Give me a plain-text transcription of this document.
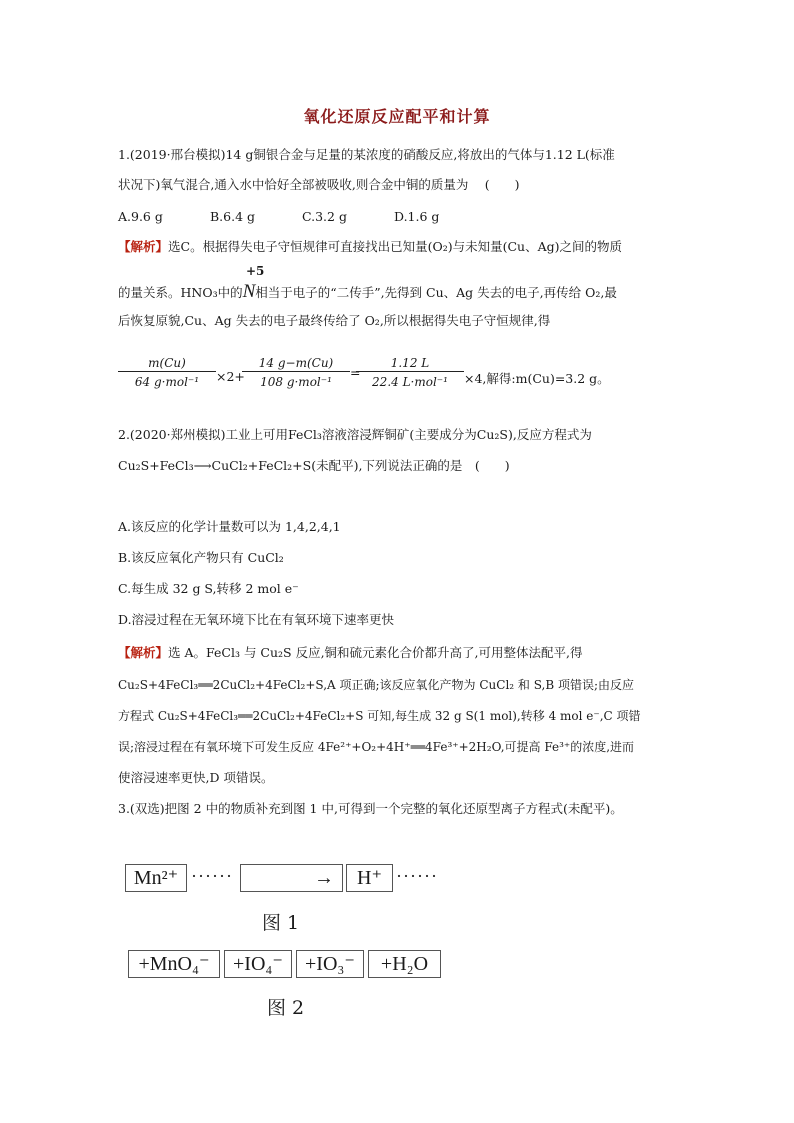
氧化还原反应配平和计算
1.(2019·邢台模拟)14 g铜银合金与足量的某浓度的硝酸反应,将放出的气体与1.12 L(标准
状况下)氧气混合,通入水中恰好全部被吸收,则合金中铜的质量为　 (　　)
A.9.6 g	B.6.4 g	C.3.2 g	D.1.6 g
【解析】选C。根据得失电子守恒规律可直接找出已知量(O₂)与未知量(Cu、Ag)之间的物质
+5
的量关系。HNO₃中的N相当于电子的“二传手”,先得到 Cu、Ag 失去的电子,再传给 O₂,最
后恢复原貌,Cu、Ag 失去的电子最终传给了 O₂,所以根据得失电子守恒规律,得
m(Cu)
64 g·mol⁻¹	×2+
14 g−m(Cu)
108 g·mol⁻¹
=
1.12 L
22.4 L·mol⁻¹	×4,解得:m(Cu)=3.2 g。
2.(2020·郑州模拟)工业上可用FeCl₃溶液溶浸辉铜矿(主要成分为Cu₂S),反应方程式为
Cu₂S+FeCl₃⟶CuCl₂+FeCl₂+S(未配平),下列说法正确的是　(　　)
A.该反应的化学计量数可以为 1,4,2,4,1
B.该反应氧化产物只有 CuCl₂
C.每生成 32 g S,转移 2 mol e⁻
D.溶浸过程在无氧环境下比在有氧环境下速率更快
【解析】选 A。FeCl₃ 与 Cu₂S 反应,铜和硫元素化合价都升高了,可用整体法配平,得
Cu₂S+4FeCl₃══2CuCl₂+4FeCl₂+S,A 项正确;该反应氧化产物为 CuCl₂ 和 S,B 项错误;由反应
方程式 Cu₂S+4FeCl₃══2CuCl₂+4FeCl₂+S 可知,每生成 32 g S(1 mol),转移 4 mol e⁻,C 项错
误;溶浸过程在有氧环境下可发生反应 4Fe²⁺+O₂+4H⁺══4Fe³⁺+2H₂O,可提高 Fe³⁺的浓度,进而
使溶浸速率更快,D 项错误。
3.(双选)把图 2 中的物质补充到图 1 中,可得到一个完整的氧化还原型离子方程式(未配平)。
Mn²⁺ ······	→	H⁺ ······
图 1
+MnO₄⁻	+IO₄⁻	+IO₃⁻	+H₂O
图 2
